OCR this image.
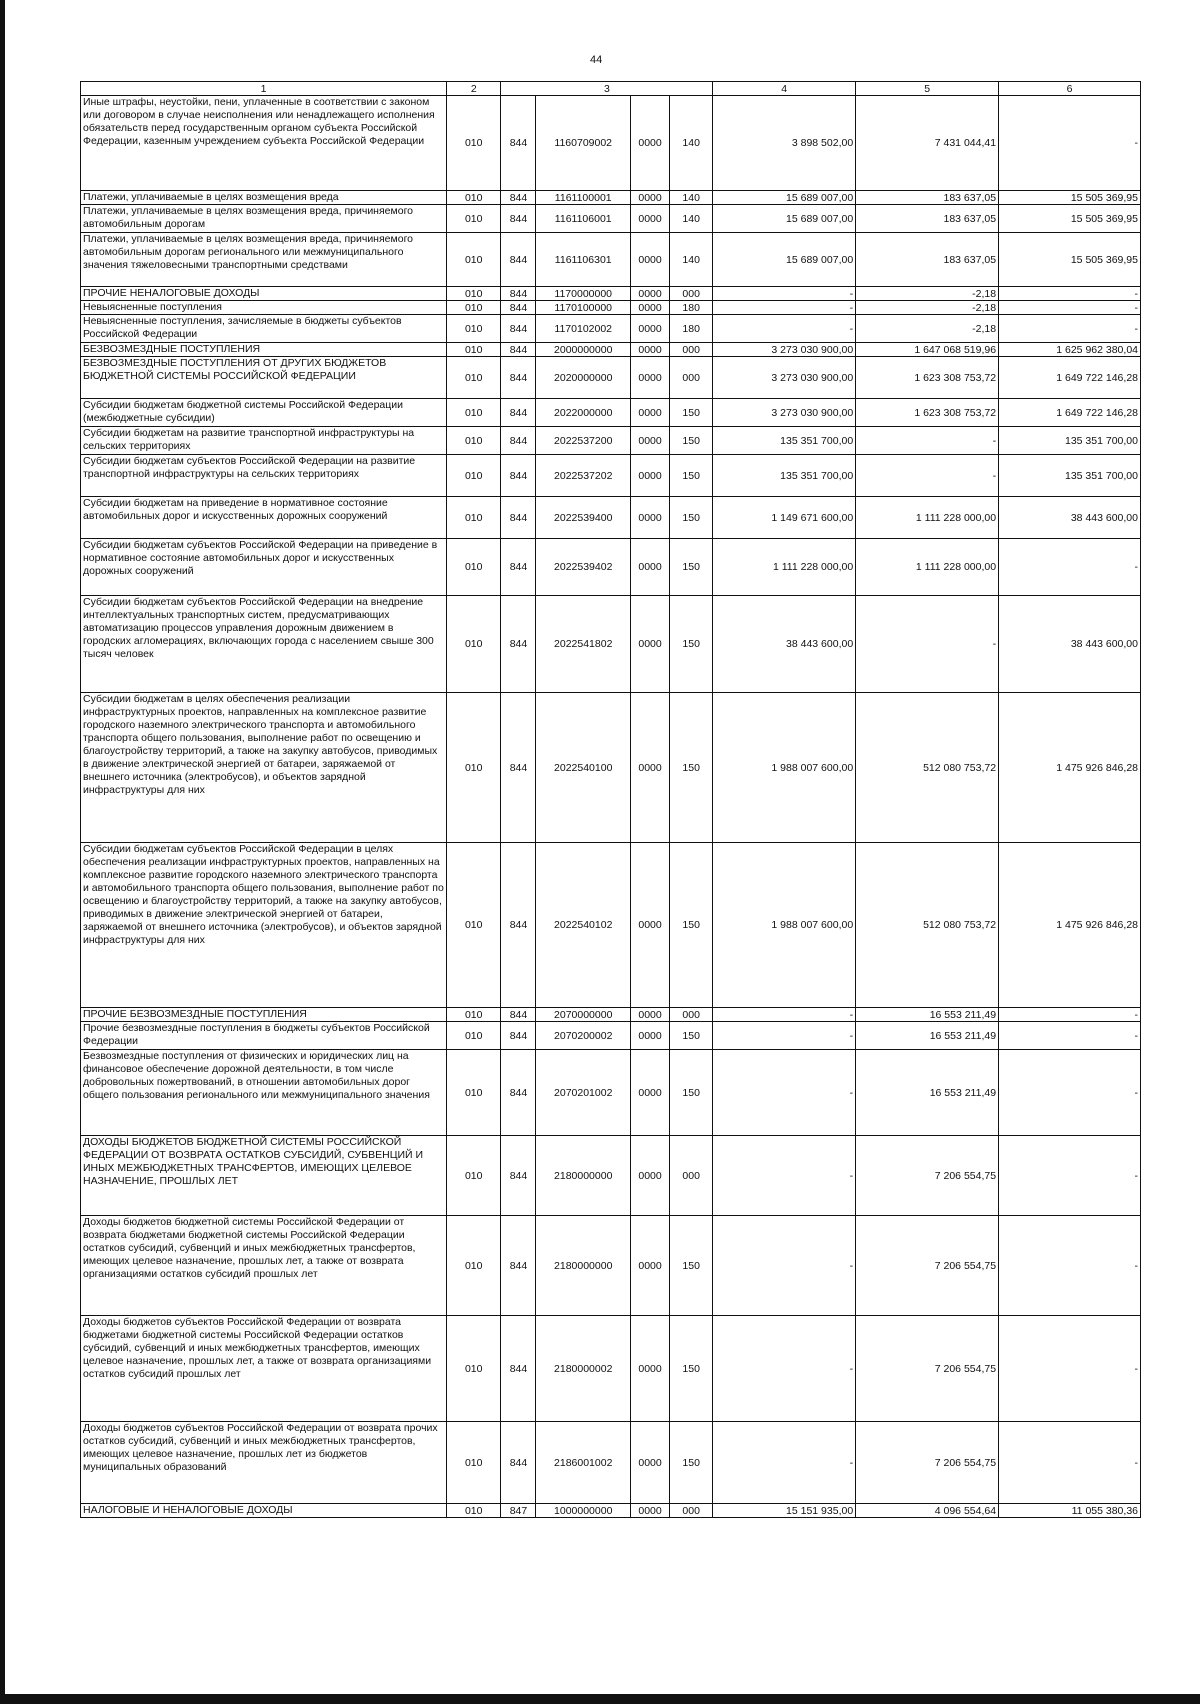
44
1	2	3				4	5	6
Иные штрафы, неустойки, пени, уплаченные в соответствии с законом или договором в случае неисполнения или ненадлежащего исполнения обязательств перед государственным органом субъекта Российской Федерации, казенным учреждением субъекта Российской Федерации	010	844	1160709002	0000	140	3 898 502,00	7 431 044,41	-
Платежи, уплачиваемые в целях возмещения вреда	010	844	1161100001	0000	140	15 689 007,00	183 637,05	15 505 369,95
Платежи, уплачиваемые в целях возмещения вреда, причиняемого автомобильным дорогам	010	844	1161106001	0000	140	15 689 007,00	183 637,05	15 505 369,95
Платежи, уплачиваемые в целях возмещения вреда, причиняемого автомобильным дорогам регионального или межмуниципального значения тяжеловесными транспортными средствами	010	844	1161106301	0000	140	15 689 007,00	183 637,05	15 505 369,95
ПРОЧИЕ НЕНАЛОГОВЫЕ ДОХОДЫ	010	844	1170000000	0000	000	-	-2,18	-
Невыясненные поступления	010	844	1170100000	0000	180	-	-2,18	-
Невыясненные поступления, зачисляемые в бюджеты субъектов Российской Федерации	010	844	1170102002	0000	180	-	-2,18	-
БЕЗВОЗМЕЗДНЫЕ ПОСТУПЛЕНИЯ	010	844	2000000000	0000	000	3 273 030 900,00	1 647 068 519,96	1 625 962 380,04
БЕЗВОЗМЕЗДНЫЕ ПОСТУПЛЕНИЯ ОТ ДРУГИХ БЮДЖЕТОВ БЮДЖЕТНОЙ СИСТЕМЫ РОССИЙСКОЙ ФЕДЕРАЦИИ	010	844	2020000000	0000	000	3 273 030 900,00	1 623 308 753,72	1 649 722 146,28
Субсидии бюджетам бюджетной системы Российской Федерации (межбюджетные субсидии)	010	844	2022000000	0000	150	3 273 030 900,00	1 623 308 753,72	1 649 722 146,28
Субсидии бюджетам на развитие транспортной инфраструктуры на сельских территориях	010	844	2022537200	0000	150	135 351 700,00	-	135 351 700,00
Субсидии бюджетам субъектов Российской Федерации на развитие транспортной инфраструктуры на сельских территориях	010	844	2022537202	0000	150	135 351 700,00	-	135 351 700,00
Субсидии бюджетам на приведение в нормативное состояние автомобильных дорог и искусственных дорожных сооружений	010	844	2022539400	0000	150	1 149 671 600,00	1 111 228 000,00	38 443 600,00
Субсидии бюджетам субъектов Российской Федерации на приведение в нормативное состояние автомобильных дорог и искусственных дорожных сооружений	010	844	2022539402	0000	150	1 111 228 000,00	1 111 228 000,00	-
Субсидии бюджетам субъектов Российской Федерации на внедрение интеллектуальных транспортных систем, предусматривающих автоматизацию процессов управления дорожным движением в городских агломерациях, включающих города с населением свыше 300 тысяч человек	010	844	2022541802	0000	150	38 443 600,00	-	38 443 600,00
Субсидии бюджетам в целях обеспечения реализации инфраструктурных проектов, направленных на комплексное развитие городского наземного электрического транспорта и автомобильного транспорта общего пользования, выполнение работ по освещению и благоустройству территорий, а также на закупку автобусов, приводимых в движение электрической энергией от батареи, заряжаемой от внешнего источника (электробусов), и объектов зарядной инфраструктуры для них	010	844	2022540100	0000	150	1 988 007 600,00	512 080 753,72	1 475 926 846,28
Субсидии бюджетам субъектов Российской Федерации в целях обеспечения реализации инфраструктурных проектов, направленных на комплексное развитие городского наземного электрического транспорта и автомобильного транспорта общего пользования, выполнение работ по освещению и благоустройству территорий, а также на закупку автобусов, приводимых в движение электрической энергией от батареи, заряжаемой от внешнего источника (электробусов), и объектов зарядной инфраструктуры для них	010	844	2022540102	0000	150	1 988 007 600,00	512 080 753,72	1 475 926 846,28
ПРОЧИЕ БЕЗВОЗМЕЗДНЫЕ ПОСТУПЛЕНИЯ	010	844	2070000000	0000	000	-	16 553 211,49	-
Прочие безвозмездные поступления в бюджеты субъектов Российской Федерации	010	844	2070200002	0000	150	-	16 553 211,49	-
Безвозмездные поступления от физических и юридических лиц на финансовое обеспечение дорожной деятельности, в том числе добровольных пожертвований, в отношении автомобильных дорог общего пользования регионального или межмуниципального значения	010	844	2070201002	0000	150	-	16 553 211,49	-
ДОХОДЫ БЮДЖЕТОВ БЮДЖЕТНОЙ СИСТЕМЫ РОССИЙСКОЙ ФЕДЕРАЦИИ ОТ ВОЗВРАТА ОСТАТКОВ СУБСИДИЙ, СУБВЕНЦИЙ И ИНЫХ МЕЖБЮДЖЕТНЫХ ТРАНСФЕРТОВ, ИМЕЮЩИХ ЦЕЛЕВОЕ НАЗНАЧЕНИЕ, ПРОШЛЫХ ЛЕТ	010	844	2180000000	0000	000	-	7 206 554,75	-
Доходы бюджетов бюджетной системы Российской Федерации от возврата бюджетами бюджетной системы Российской Федерации остатков субсидий, субвенций и иных межбюджетных трансфертов, имеющих целевое назначение, прошлых лет, а также от возврата организациями остатков субсидий прошлых лет	010	844	2180000000	0000	150	-	7 206 554,75	-
Доходы бюджетов субъектов Российской Федерации от возврата бюджетами бюджетной системы Российской Федерации остатков субсидий, субвенций и иных межбюджетных трансфертов, имеющих целевое назначение, прошлых лет, а также от возврата организациями остатков субсидий прошлых лет	010	844	2180000002	0000	150	-	7 206 554,75	-
Доходы бюджетов субъектов Российской Федерации от возврата прочих остатков субсидий, субвенций и иных межбюджетных трансфертов, имеющих целевое назначение, прошлых лет из бюджетов муниципальных образований	010	844	2186001002	0000	150	-	7 206 554,75	-
НАЛОГОВЫЕ И НЕНАЛОГОВЫЕ ДОХОДЫ	010	847	1000000000	0000	000	15 151 935,00	4 096 554,64	11 055 380,36
